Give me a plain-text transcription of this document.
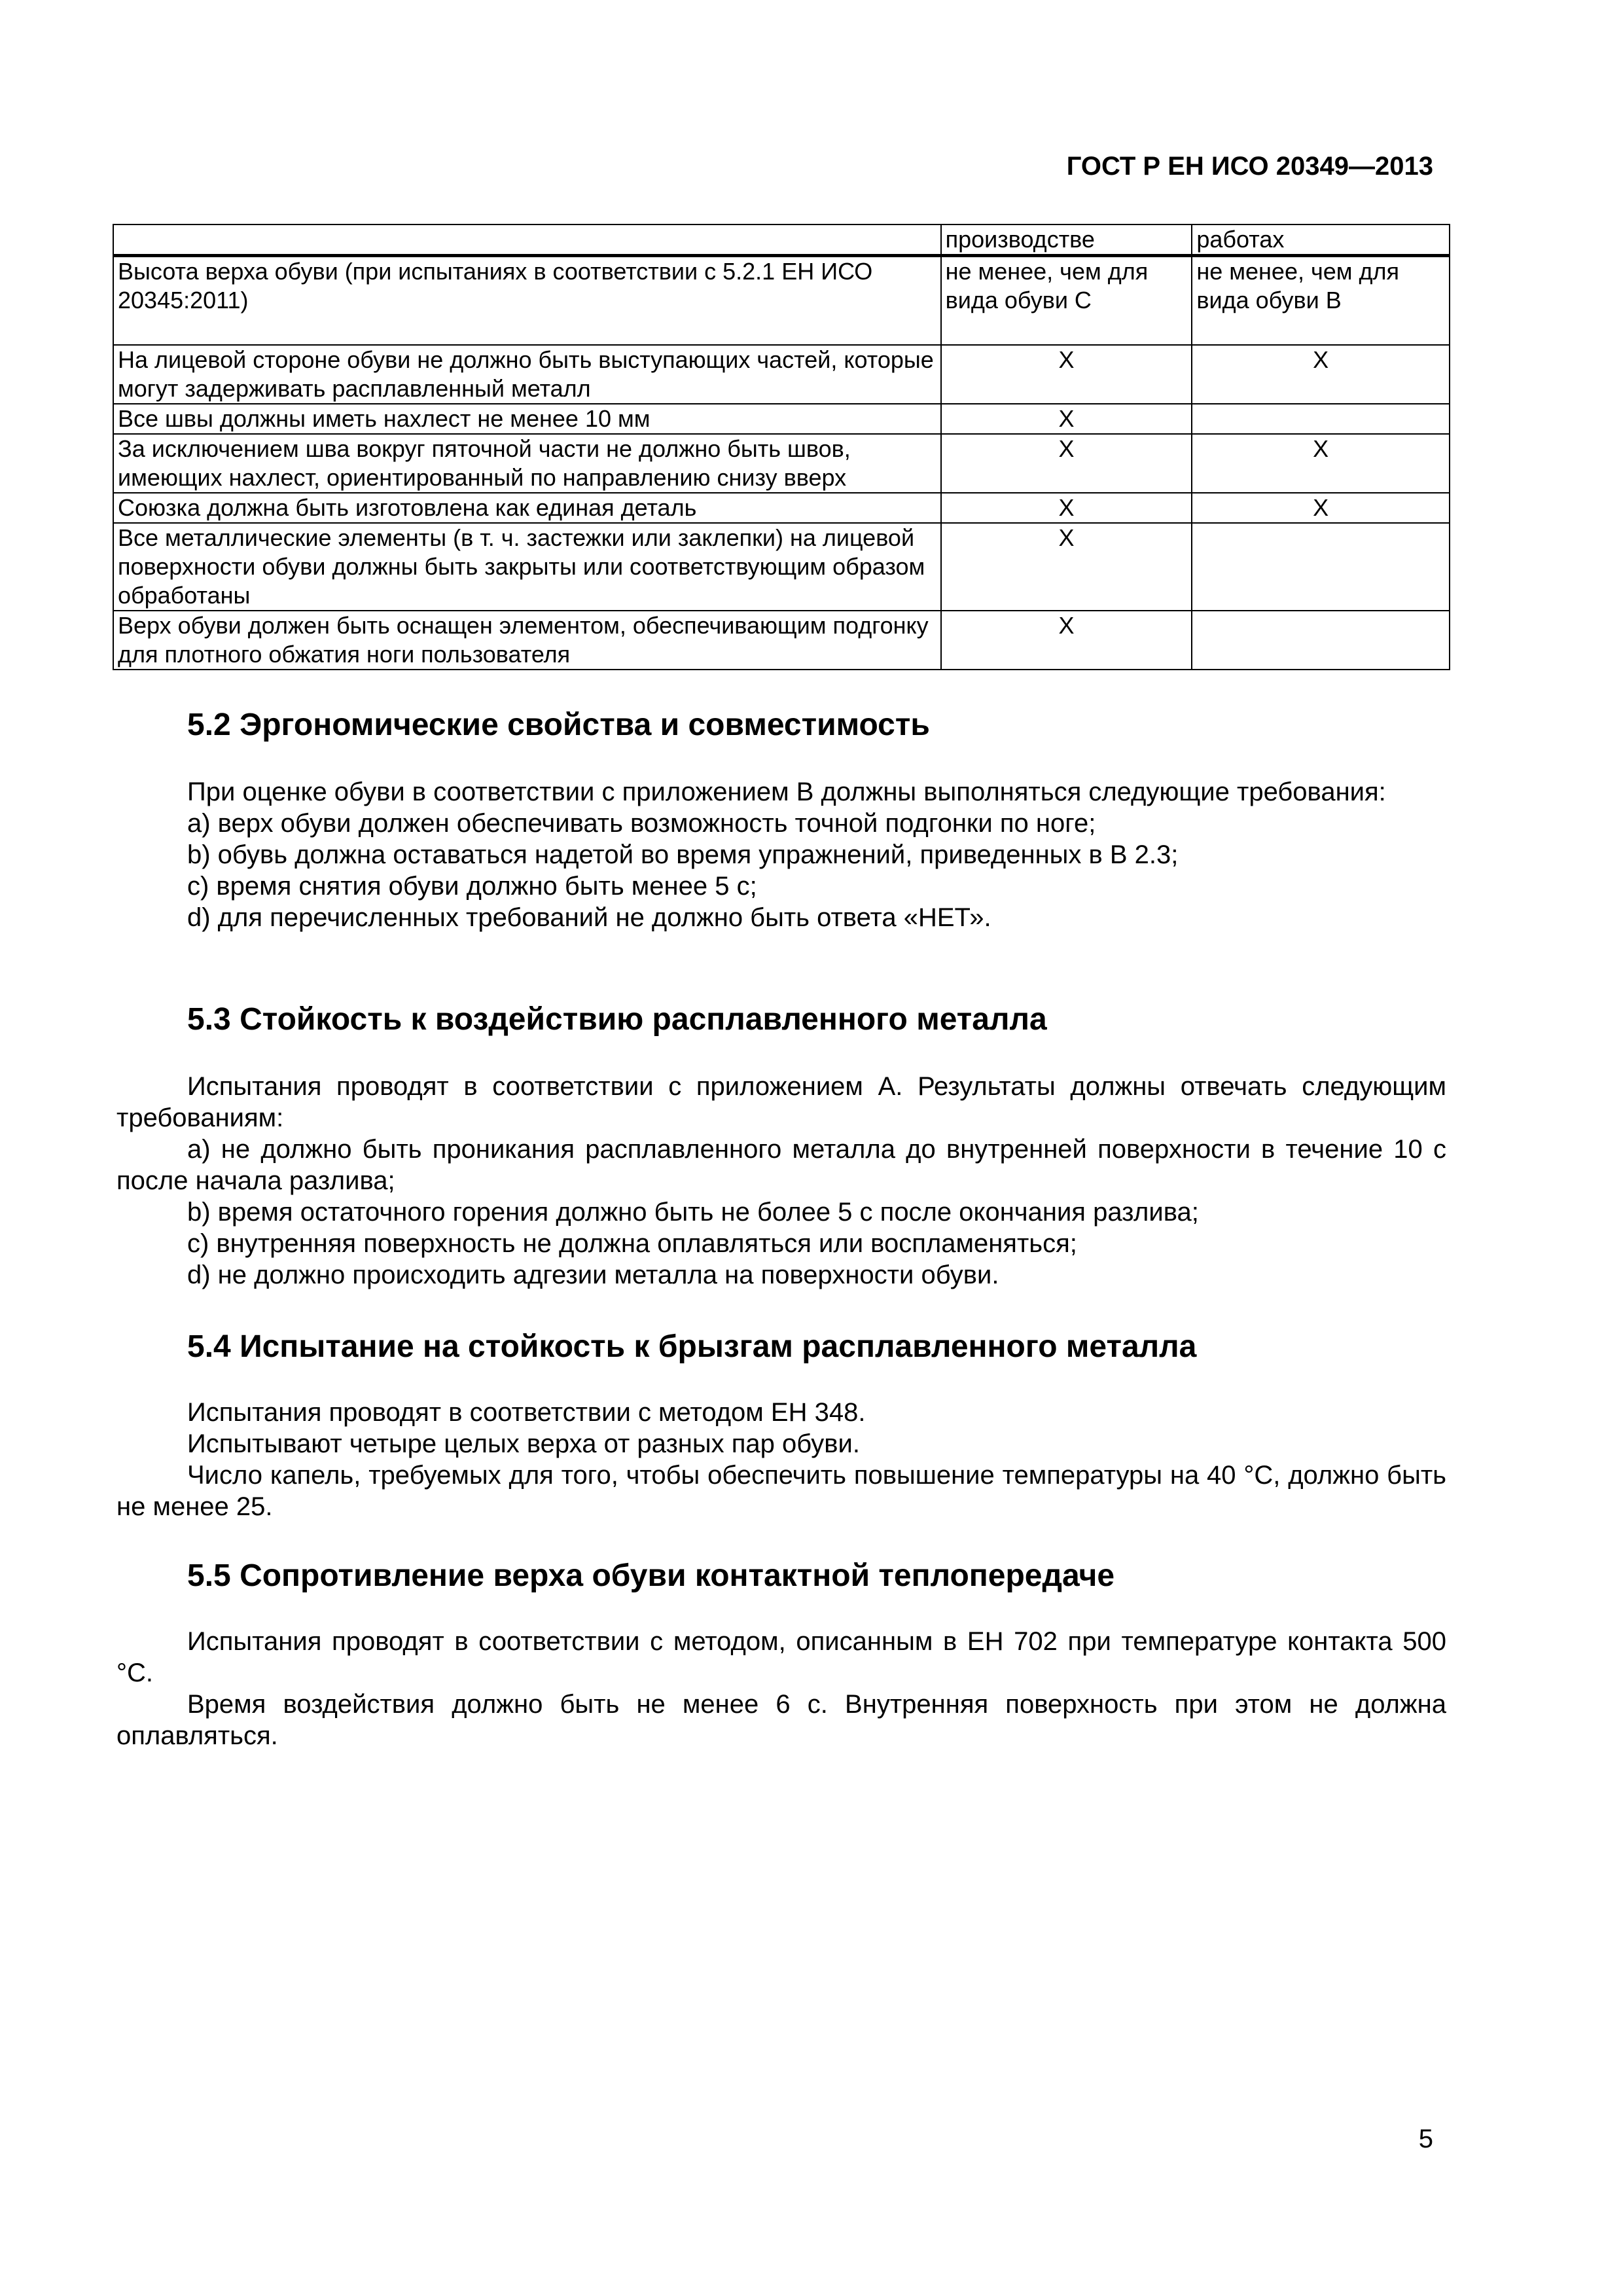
ГОСТ Р ЕН ИСО 20349—2013
	производстве	работах
Высота верха обуви (при испытаниях в соответствии с 5.2.1 ЕН ИСО 20345:2011)	не менее, чем для вида обуви С	не менее, чем для вида обуви В
На лицевой стороне обуви не должно быть выступающих частей, которые могут задерживать расплавленный металл	X	X
Все швы должны иметь нахлест не менее 10 мм	X	
За исключением шва вокруг пяточной части не должно быть швов, имеющих нахлест, ориентированный по направлению снизу вверх	X	X
Союзка должна быть изготовлена как единая деталь	X	X
Все металлические элементы (в т. ч. застежки или заклепки) на лицевой поверхности обуви должны быть закрыты или соответствующим образом обработаны	X	
Верх обуви должен быть оснащен элементом, обеспечивающим подгонку для плотного обжатия ноги пользователя	X	
5.2 Эргономические свойства и совместимость
При оценке обуви в соответствии с приложением В должны выполняться следующие требования:
a) верх обуви должен обеспечивать возможность точной подгонки по ноге;
b) обувь должна оставаться надетой во время упражнений, приведенных в В 2.3;
c) время снятия обуви должно быть менее 5 с;
d) для перечисленных требований не должно быть ответа «НЕТ».
5.3 Стойкость к воздействию расплавленного металла
Испытания проводят в соответствии с приложением А. Результаты должны отвечать следующим требованиям:
a) не должно быть проникания расплавленного металла до внутренней поверхности в течение 10 с после начала разлива;
b) время остаточного горения должно быть не более 5 с после окончания разлива;
c) внутренняя поверхность не должна оплавляться или воспламеняться;
d) не должно происходить адгезии металла на поверхности обуви.
5.4 Испытание на стойкость к брызгам расплавленного металла
Испытания проводят в соответствии с методом ЕН 348.
Испытывают четыре целых верха от разных пар обуви.
Число капель, требуемых для того, чтобы обеспечить повышение температуры на 40 °С, должно быть не менее 25.
5.5 Сопротивление верха обуви контактной теплопередаче
Испытания проводят в соответствии с методом, описанным в ЕН 702 при температуре контакта 500 °С.
Время воздействия должно быть не менее 6 с. Внутренняя поверхность при этом не должна оплавляться.
5
